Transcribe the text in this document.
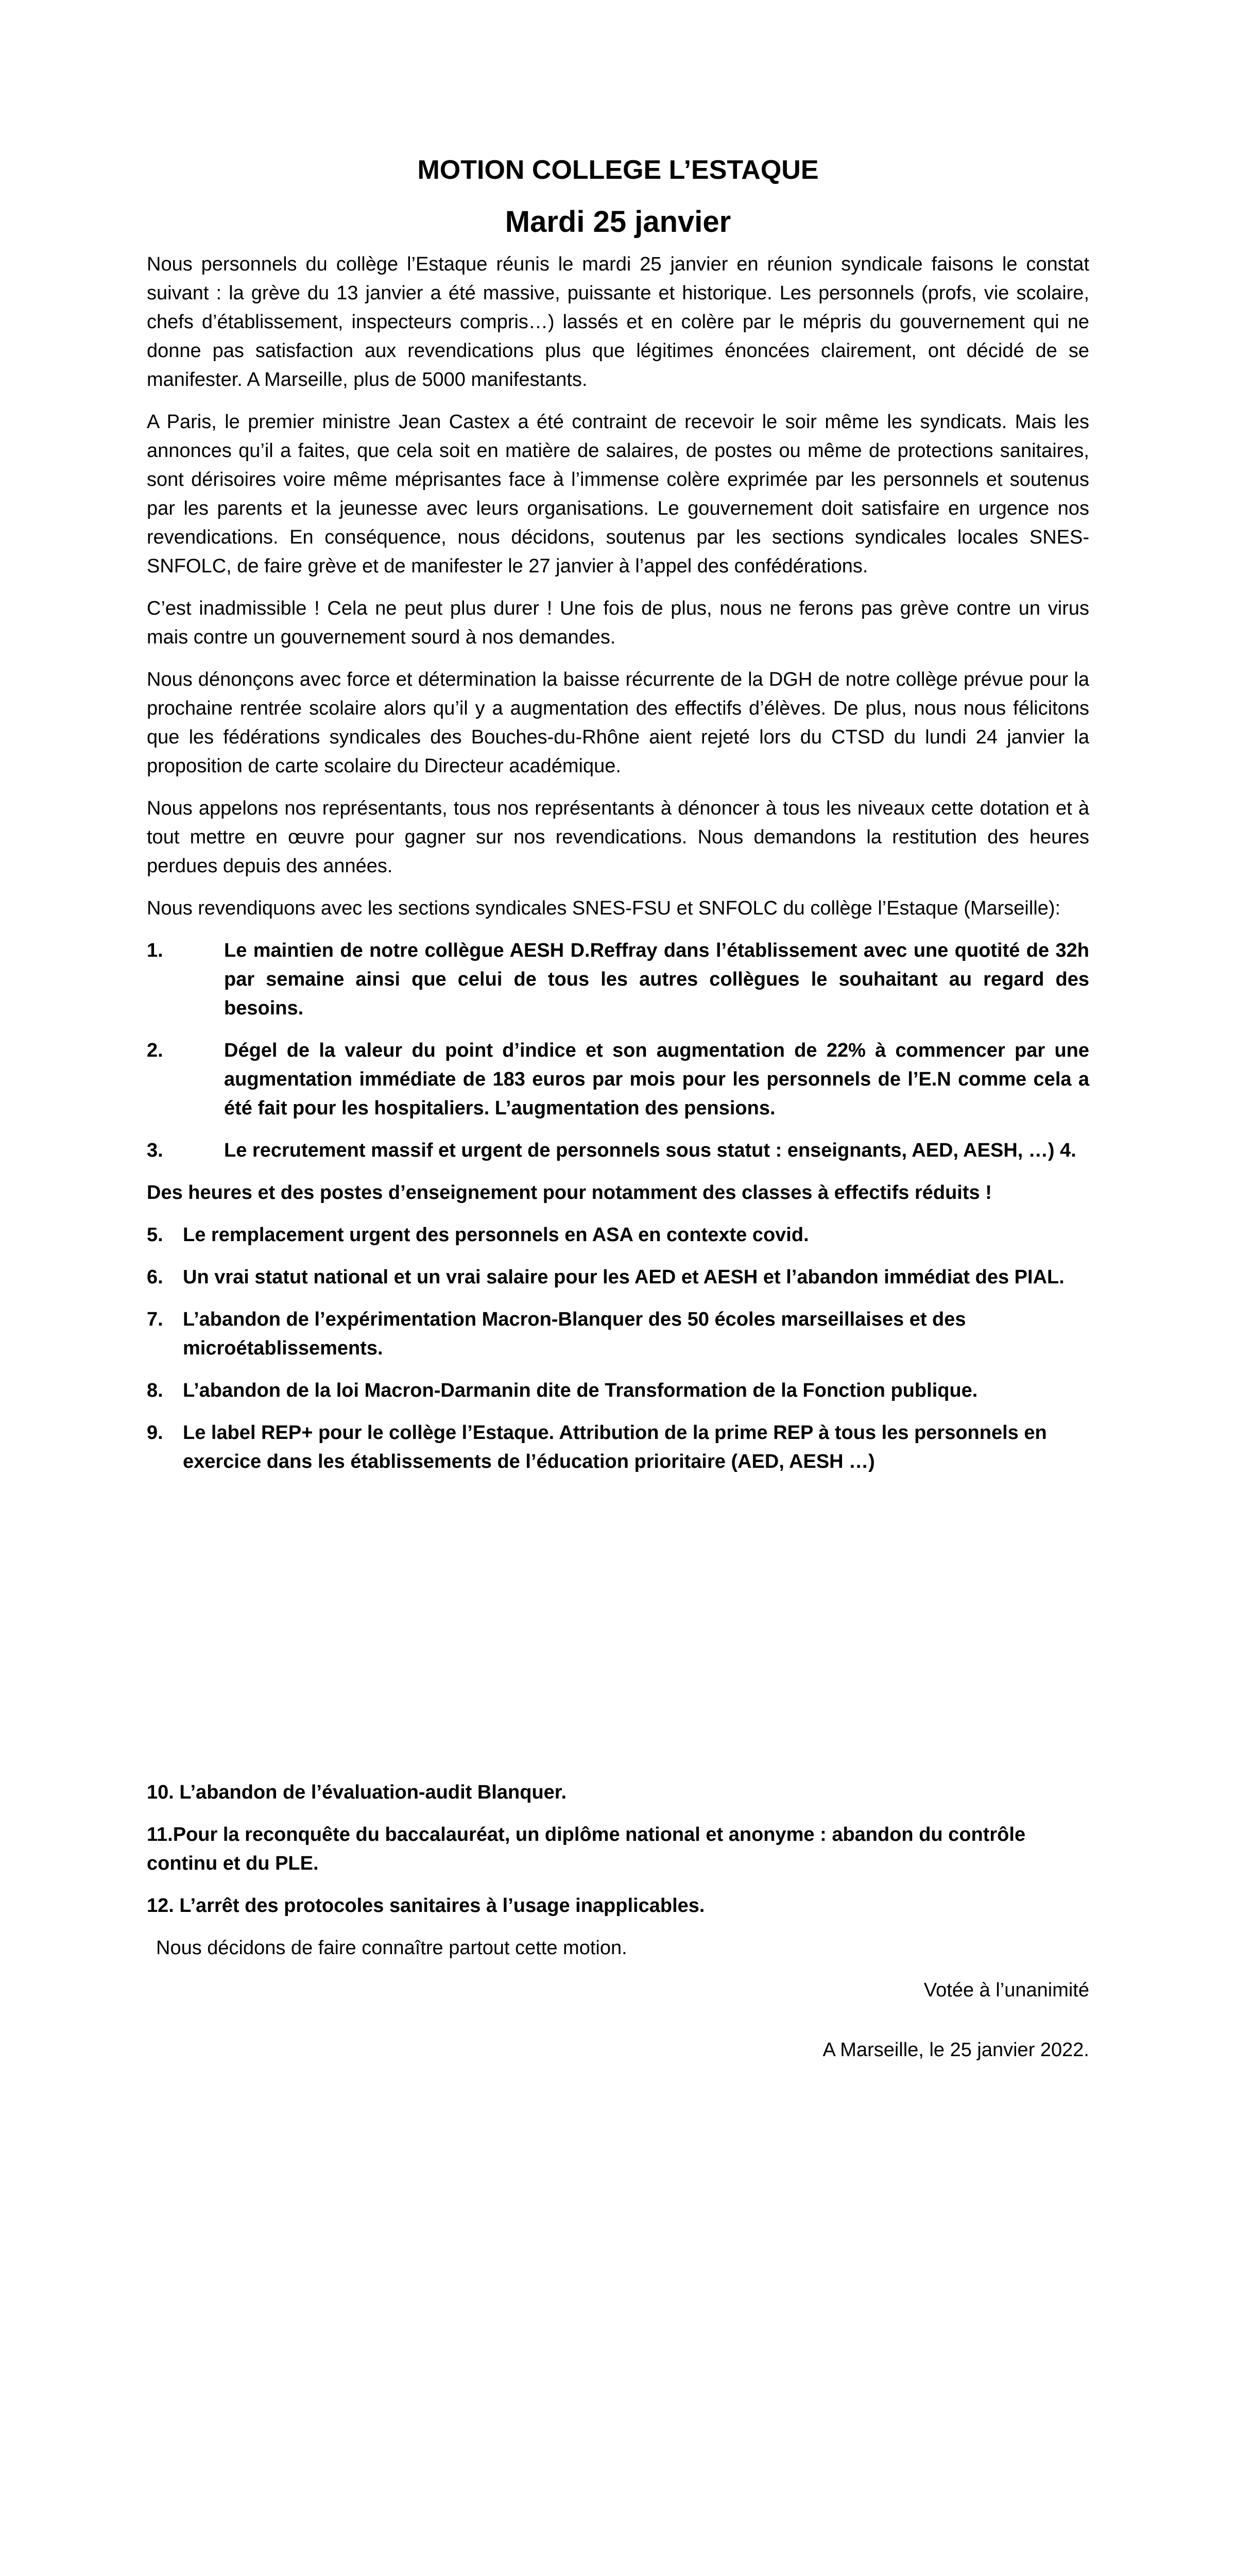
MOTION COLLEGE L’ESTAQUE
Mardi 25 janvier

Nous personnels du collège l’Estaque réunis le mardi 25 janvier en réunion syndicale faisons le constat suivant : la grève du 13 janvier a été massive, puissante et historique. Les personnels (profs, vie scolaire, chefs d’établissement, inspecteurs compris…) lassés et en colère par le mépris du gouvernement qui ne donne pas satisfaction aux revendications plus que légitimes énoncées clairement, ont décidé de se manifester. A Marseille, plus de 5000 manifestants.

A Paris, le premier ministre Jean Castex a été contraint de recevoir le soir même les syndicats. Mais les annonces qu’il a faites, que cela soit en matière de salaires, de postes ou même de protections sanitaires, sont dérisoires voire même méprisantes face à l’immense colère exprimée par les personnels et soutenus par les parents et la jeunesse avec leurs organisations. Le gouvernement doit satisfaire en urgence nos revendications. En conséquence, nous décidons, soutenus par les sections syndicales locales SNES-SNFOLC, de faire grève et de manifester le 27 janvier à l’appel des confédérations.

C’est inadmissible ! Cela ne peut plus durer ! Une fois de plus, nous ne ferons pas grève contre un virus mais contre un gouvernement sourd à nos demandes.

Nous dénonçons avec force et détermination la baisse récurrente de la DGH de notre collège prévue pour la prochaine rentrée scolaire alors qu’il y a augmentation des effectifs d’élèves. De plus, nous nous félicitons que les fédérations syndicales des Bouches-du-Rhône aient rejeté lors du CTSD du lundi 24 janvier la proposition de carte scolaire du Directeur académique.

Nous appelons nos représentants, tous nos représentants à dénoncer à tous les niveaux cette dotation et à tout mettre en œuvre pour gagner sur nos revendications. Nous demandons la restitution des heures perdues depuis des années.

Nous revendiquons avec les sections syndicales SNES-FSU et SNFOLC du collège l’Estaque (Marseille):

1.	Le maintien de notre collègue AESH D.Reffray dans l’établissement avec une quotité de 32h par semaine ainsi que celui de tous les autres collègues le souhaitant au regard des besoins.
2.	Dégel de la valeur du point d’indice et son augmentation de 22% à commencer par une augmentation immédiate de 183 euros par mois pour les personnels de l’E.N comme cela a été fait pour les hospitaliers. L’augmentation des pensions.
3.	Le recrutement massif et urgent de personnels sous statut : enseignants, AED, AESH, …) 4.

Des heures et des postes d’enseignement pour notamment des classes à effectifs réduits !

5.	Le remplacement urgent des personnels en ASA en contexte covid.
6.	Un vrai statut national et un vrai salaire pour les AED et AESH et l’abandon immédiat des PIAL.
7.	L’abandon de l’expérimentation Macron-Blanquer des 50 écoles marseillaises et des microétablissements.
8.	L’abandon de la loi Macron-Darmanin dite de Transformation de la Fonction publique.
9.	Le label REP+ pour le collège l’Estaque. Attribution de la prime REP à tous les personnels en exercice dans les établissements de l’éducation prioritaire (AED, AESH …)

10. L’abandon de l’évaluation-audit Blanquer.

11.Pour la reconquête du baccalauréat, un diplôme national et anonyme : abandon du contrôle continu et du PLE.

12. L’arrêt des protocoles sanitaires à l’usage inapplicables.

Nous décidons de faire connaître partout cette motion.

Votée à l’unanimité

A Marseille, le 25 janvier 2022.
